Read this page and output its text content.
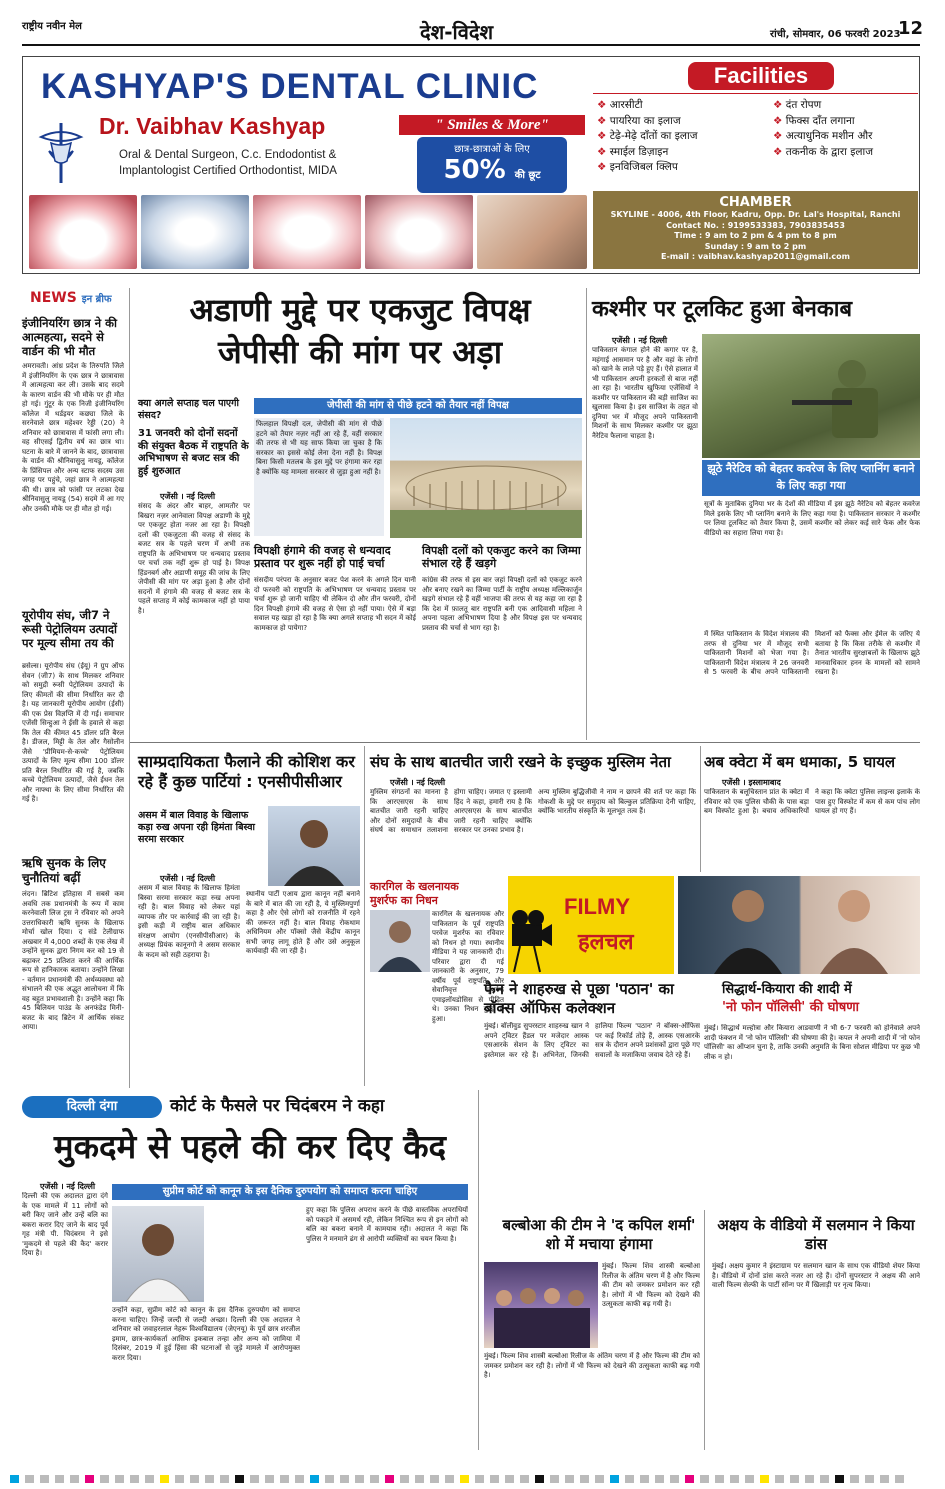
राष्ट्रीय नवीन मेल	देश-विदेश	रांची, सोमवार, 06 फरवरी 2023
12
KASHYAP'S DENTAL CLINIC
Dr. Vaibhav Kashyap
Oral & Dental Surgeon, C.c. Endodontist &
Implantologist Certified Orthodontist, MIDA
" Smiles & More"
छात्र-छात्राओं के लिए
50% की छूट
Facilities
❖ आरसीटी
❖ पायरिया का इलाज
❖ टेढ़े-मेढ़े दाँतों का इलाज
❖ स्माईल डिज़ाइन
❖ इनविजिबल क्लिप
❖ दंत रोपण
❖ फिक्स दाँत लगाना
❖ अत्याधुनिक मशीन और
❖ तकनीक के द्वारा इलाज
CHAMBER
SKYLINE - 4006, 4th Floor, Kadru, Opp. Dr. Lal's Hospital, Ranchi
Contact No. : 9199533383, 7903835453
Time : 9 am to 2 pm & 4 pm to 8 pm
Sunday : 9 am to 2 pm
E-mail : vaibhav.kashyap2011@gmail.com
NEWS इन ब्रीफ
इंजीनियरिंग छात्र ने की आत्महत्या, सदमे से वार्डन की भी मौत
अमरावती। आंध्र प्रदेश के तिरुपति जिले में इंजीनियरिंग के एक छात्र ने छात्रावास में आत्महत्या कर ली। उसके बाद सदमे के कारण वार्डन की भी मौके पर ही मौत हो गई। गुंटूर के एक निजी इंजीनियरिंग कॉलेज में थर्डइयर कछ्या जिले के सरनेवाले छात्र महेश्वर रेड्डी (20) ने शनिवार को छात्रावास में फांसी लगा ली। वह सीएसई द्वितीय वर्ष का छात्र था। घटना के बारे में जानने के बाद, छात्रावास के वार्डन की श्रीनिवासुलु नायडू, कॉलेज के प्रिंसिपल और अन्य स्टाफ सदस्य उस जगह पर पहुंचे, जहां छात्र ने आत्महत्या की थी। छात्र को फांसी पर लटका देख श्रीनिवासुलु नायडू (54) सदमे में आ गए और उनकी मौके पर ही मौत हो गई।
यूरोपीय संघ, जी7 ने रूसी पेट्रोलियम उत्पादों पर मूल्य सीमा तय की
ब्रसेल्स। यूरोपीय संघ (ईयू) ने ग्रुप ऑफ सेवन (जी7) के साथ मिलकर शनिवार को समुद्री रूसी पेट्रोलियम उत्पादों के लिए कीमतों की सीमा निर्धारित कर दी है। यह जानकारी यूरोपीय आयोग (ईसी) की एक प्रेस विज्ञप्ति में दी गई। समाचार एजेंसी सिन्हुआ ने ईसी के हवाले से कहा कि तेल की कीमत 45 डॉलर प्रति बैरल है। डीजल, मिट्टी के तेल और गैसोलीन जैसे 'प्रीमियम-से-कच्चे' पेट्रोलियम उत्पादों के लिए मूल्य सीमा 100 डॉलर प्रति बैरल निर्धारित की गई है, जबकि कच्चे पेट्रोलियम उत्पादों, जैसे ईंधन तेल और नाफ्था के लिए सीमा निर्धारित की गई है।
ऋषि सुनक के लिए चुनौतियां बढ़ीं
लंदन। ब्रिटिश इतिहास में सबसे कम अवधि तक प्रधानमंत्री के रूप में काम करनेवाली लिज ट्रस ने रविवार को अपने उत्तराधिकारी ऋषि सुनक के खिलाफ मोर्चा खोल दिया। द संडे टेलीग्राफ अखबार में 4,000 शब्दों के एक लेख में उन्होंने सुनक द्वारा निगम कर को 19 से बढ़ाकर 25 प्रतिशत करने की आर्थिक रूप से हानिकारक बताया। उन्होंने लिखा - वर्तमान प्रधानमंत्री की अर्थव्यवस्था को संभालने की एक अद्भुत आलोचना में कि वह बहुत प्रभावशाली है। उन्होंने कहा कि 45 बिलियन पाउंड के अनफंडेड मिनी-बजट के बाद ब्रिटेन में आर्थिक संकट आया।
अडाणी मुद्दे पर एकजुट विपक्ष
जेपीसी की मांग पर अड़ा
क्या अगले सप्ताह चल पाएगी संसद?
31 जनवरी को दोनों सदनों की संयुक्त बैठक में राष्ट्रपति के अभिभाषण से बजट सत्र की हुई शुरुआत
एजेंसी । नई दिल्ली
संसद के अंदर और बाहर, आमतौर पर बिखरा नज़र आनेवाला विपक्ष अडाणी के मुद्दे पर एकजुट होता नजर आ रहा है। विपक्षी दलों की एकजुटता की वजह से संसद के बजट सत्र के पहले चरण में अभी तक राष्ट्रपति के अभिभाषण पर धन्यवाद प्रस्ताव पर चर्चा तक नहीं शुरू हो पाई है। विपक्ष हिंडनबर्ग और अडाणी समूह की जांच के लिए जेपीसी की मांग पर अड़ा हुआ है और दोनों सदनों में हंगामे की वजह से बजट सत्र के पहले सप्ताह में कोई कामकाज नहीं हो पाया है।
जेपीसी की मांग से पीछे हटने को तैयार नहीं विपक्ष
फिलहाल विपक्षी दल, जेपीसी की मांग से पीछे हटने को तैयार नज़र नहीं आ रहे हैं, वहीं सरकार की तरफ से भी यह साफ किया जा चुका है कि सरकार का इससे कोई लेना देना नहीं है। विपक्ष बिना किसी मतलब के इस मुद्दे पर हंगामा कर रहा है क्योंकि यह मामला सरकार से जुड़ा हुआ नहीं है।
विपक्षी हंगामे की वजह से धन्यवाद प्रस्ताव पर शुरू नहीं हो पाई चर्चा
संसदीय परंपरा के अनुसार बजट पेश करने के अगले दिन यानी दो फरवरी को राष्ट्रपति के अभिभाषण पर धन्यवाद प्रस्ताव पर चर्चा शुरू हो जानी चाहिए थी लेकिन दो और तीन फरवरी, दोनों दिन विपक्षी हंगामे की वजह से ऐसा हो नहीं पाया। ऐसे में बड़ा सवाल यह खड़ा हो रहा है कि क्या अगले सप्ताह भी सदन में कोई कामकाज हो पायेगा?
विपक्षी दलों को एकजुट करने का जिम्मा संभाल रहे हैं खड़गे
कांग्रेस की तरफ से इस बार जहां विपक्षी दलों को एकजुट करने और बनाए रखने का जिम्मा पार्टी के राष्ट्रीय अध्यक्ष मल्लिकार्जुन खड़गे संभाल रहे हैं वहीं भाजपा की तरफ से यह कहा जा रहा है कि देश में फ़ालतू बार राष्ट्रपति बनी एक आदिवासी महिला ने अपना पहला अभिभाषण दिया है और विपक्ष इस पर धन्यवाद प्रस्ताव की चर्चा से भाग रहा है।
कश्मीर पर टूलकिट हुआ बेनकाब
एजेंसी । नई दिल्ली
पाकिस्तान कंगाल होने की कगार पर है, महंगाई आसमान पर है और वहां के लोगों को खाने के लाले पड़े हुए हैं। ऐसे हालात में भी पाकिस्तान अपनी हरकतों से बाज नहीं आ रहा है। भारतीय खुफिया एजेंसियों ने कश्मीर पर पाकिस्तान की बड़ी साजिश का खुलासा किया है। इस साजिश के तहत वो दुनिया भर में मौजूद अपने पाकिस्तानी मिशनों के साथ मिलकर कश्मीर पर झूठा नैरेटिव फैलाना चाहता है।
झूठे नैरेटिव को बेहतर कवरेज के लिए प्लानिंग बनाने के लिए कहा गया
सूत्रों के मुताबिक दुनिया भर के देशों की मीडिया में इस झूठे नैरेटिव को बेहतर कवरेज मिले इसके लिए भी प्लानिंग बनाने के लिए कहा गया है। पाकिस्तान सरकार ने कश्मीर पर लिया टूलकिट को तैयार किया है, उसमें कश्मीर को लेकर कई सारे फेक और फेक वीडियो का सहारा लिया गया है।
में स्थित पाकिस्तान के विदेश मंत्रालय की तरफ से दुनिया भर में मौजूद सभी पाकिस्तानी मिशनों को भेजा गया है। पाकिस्तानी विदेश मंत्रालय ने 26 जनवरी से 5 फरवरी के बीच अपने पाकिस्तानी मिशनों को फैक्स और ईमेल के जरिए ये बताया है कि किस तरीके से कश्मीर में तैनात भारतीय सुरक्षाबलों के खिलाफ झूठे मानवाधिकार हनन के मामलों को सामने रखना है।
साम्प्रदायिकता फैलाने की कोशिश कर रहे हैं कुछ पार्टियां : एनसीपीसीआर
असम में बाल विवाह के खिलाफ कड़ा रुख अपना रही हिमंता बिस्वा सरमा सरकार
एजेंसी । नई दिल्ली
असम में बाल विवाह के खिलाफ हिमंता बिस्वा सरमा सरकार कड़ा रुख अपना रही है। बाल विवाह को लेकर यहां व्यापक तौर पर कार्रवाई की जा रही है। इसी कड़ी में राष्ट्रीय बाल अधिकार संरक्षण आयोग (एनसीपीसीआर) के अध्यक्ष प्रियंक कानूनगो ने असम सरकार के कदम को सही ठहराया है।
स्थानीय पार्टी एआय द्वारा कानून नहीं बनाने के बारे में बात की जा रही है, ये मुस्लिमपुर्णा कहा है और ऐसे लोगों को राजनीति में रहने की जरूरत नहीं है। बाल विवाह रोकथाम अधिनियम और पॉक्सो जैसे केंद्रीय कानून सभी जगह लागू होते हैं और उसे अनुकूल कार्यवाही की जा रही है।
संघ के साथ बातचीत जारी रखने के इच्छुक मुस्लिम नेता
एजेंसी । नई दिल्ली
मुस्लिम संगठनों का मानना है कि आरएसएस के साथ बातचीत जारी रहनी चाहिए और दोनों समुदायों के बीच संघर्ष का समाधान तलाशना होगा चाहिए। जमात ए इस्लामी हिंद ने कहा, हमारी राय है कि आरएसएस के साथ बातचीत जारी रहनी चाहिए क्योंकि सरकार पर उनका प्रभाव है।
अन्य मुस्लिम बुद्धिजीवी ने नाम न छापने की शर्त पर कहा कि गोकशी के मुद्दे पर समुदाय को बिल्कुल प्रतिक्रिया देनी चाहिए, क्योंकि भारतीय संस्कृति के मूलभूत तत्व हैं।
कारगिल के खलनायक मुशर्रफ का निधन
कारगिल के खलनायक और पाकिस्तान के पूर्व राष्ट्रपति परवेज मुशर्रफ का रविवार को निधन हो गया। स्थानीय मीडिया ने यह जानकारी दी। परिवार द्वारा दी गई जानकारी के अनुसार, 79 वर्षीय पूर्व राष्ट्रपति और सेवानिवृत्त मुशर्रफ एमाइलॉयडोसिस से पीड़ित थे। उनका निधन दुबई में हुआ।
FILMY
हलचल
अब क्वेटा में बम धमाका, 5 घायल
एजेंसी । इस्लामाबाद
पाकिस्तान के बलूचिस्तान प्रांत के क्वेटा में रविवार को एक पुलिस चौकी के पास बड़ा बम विस्फोट हुआ है। बचाव अधिकारियों ने कहा कि क्वेटा पुलिस लाइन्स इलाके के पास हुए विस्फोट में कम से कम पांच लोग घायल हो गए हैं।
फैन ने शाहरुख से पूछा 'पठान' का बॉक्स ऑफिस कलेक्शन
मुंबई। बॉलीवुड सुपरस्टार शाहरुख खान ने अपने ट्विटर हैंडल पर मजेदार आस्क एसआरके सेशन के लिए ट्विटर का इस्तेमाल कर रहे हैं। अभिनेता, जिनकी हालिया फिल्म 'पठान' ने बॉक्स-ऑफिस पर कई रिकॉर्ड तोड़े हैं, आस्क एसआरके सत्र के दौरान अपने प्रशंसकों द्वारा पूछे गए सवालों के मजाकिया जवाब देते रहे हैं।
सिद्धार्थ-कियारा की शादी में
'नो फोन पॉलिसी' की घोषणा
मुंबई। सिद्धार्थ मल्होत्रा और कियारा आडवाणी ने भी 6-7 फरवरी को होनेवाले अपने शादी फंक्शन में 'नो फोन पॉलिसी' की घोषणा की है। कपल ने अपनी शादी में 'नो फोन पॉलिसी' का ऑप्शन चुना है, ताकि उनकी अनुमति के बिना सोशल मीडिया पर कुछ भी लीक न हो।
दिल्ली दंगा	कोर्ट के फैसले पर चिदंबरम ने कहा
मुकदमे से पहले की कर दिए कैद
एजेंसी । नई दिल्ली
दिल्ली की एक अदालत द्वारा दंगे के एक मामले में 11 लोगों को बरी किए जाने और उन्हें बलि का बकरा करार दिए जाने के बाद पूर्व गृह मंत्री पी. चिदंबरम ने इसे 'मुकदमे से पहले की कैद' करार दिया है।
सुप्रीम कोर्ट को कानून के इस दैनिक दुरुपयोग को समाप्त करना चाहिए
उन्होंने कहा, सुप्रीम कोर्ट को कानून के इस दैनिक दुरुपयोग को समाप्त करना चाहिए। जिन्हें जल्दी से जल्दी अच्छा। दिल्ली की एक अदालत ने शनिवार को जवाहरलाल नेहरू विश्वविद्यालय (जेएनयू) के पूर्व छात्र शरजील इमाम, छात्र-कार्यकर्ता आसिफ इकबाल तन्हा और अन्य को जामिया में दिसंबर, 2019 में हुई हिंसा की घटनाओं से जुड़े मामले में आरोपमुक्त करार दिया।
हुए कहा कि पुलिस अपराध करने के पीछे वास्तविक अपराधियों को पकड़ने में असमर्थ रही, लेकिन निश्चित रूप से इन लोगों को बलि का बकरा बनाने में कामयाब रही। अदालत ने कहा कि पुलिस ने मनमाने ढंग से आरोपी व्यक्तियों का चयन किया है।
बल्बोआ की टीम ने 'द कपिल शर्मा' शो में मचाया हंगामा
मुंबई। फिल्म शिव शास्त्री बल्बोआ रिलीज के अंतिम चरण में है और फिल्म की टीम को जमकर प्रमोशन कर रही है। लोगों में भी फिल्म को देखने की उत्सुकता काफी बढ़ गयी है।
मुंबई। फिल्म शिव शास्त्री बल्बोआ रिलीज के अंतिम चरण में है और फिल्म की टीम को जमकर प्रमोशन कर रही है। लोगों में भी फिल्म को देखने की उत्सुकता काफी बढ़ गयी है।
अक्षय के वीडियो में सलमान ने किया डांस
मुंबई। अक्षय कुमार ने इंस्टाग्राम पर सलमान खान के साथ एक वीडियो शेयर किया है। वीडियो में दोनों डांस करते नजर आ रहे हैं। दोनों सुपरस्टार ने अक्षय की आने वाली फिल्म सेल्फी के पार्टी सॉन्ग पर मैं खिलाड़ी पर नृत्य किया।
